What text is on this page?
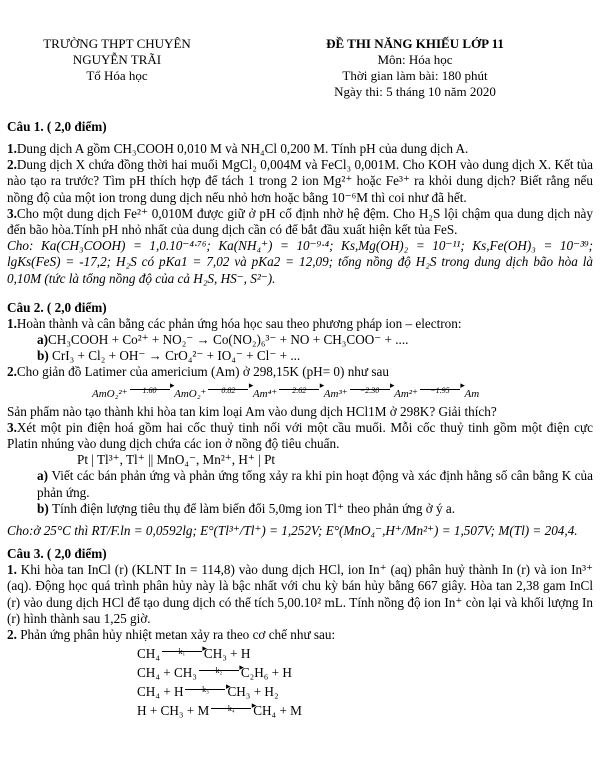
TRƯỜNG THPT CHUYÊN
NGUYỄN TRÃI
Tổ Hóa học
ĐỀ THI NĂNG KHIẾU LỚP 11
Môn: Hóa học
Thời gian làm bài: 180 phút
Ngày thi: 5 tháng 10 năm 2020

Câu 1. ( 2,0 điểm)

1.Dung dịch A gồm CH₃COOH 0,010 M và NH₄Cl 0,200 M. Tính pH của dung dịch A.

2.Dung dịch X chứa đồng thời hai muối MgCl₂ 0,004M và FeCl₃ 0,001M. Cho KOH vào dung dịch X. Kết tủa nào tạo ra trước? Tìm pH thích hợp để tách 1 trong 2 ion Mg²⁺ hoặc Fe³⁺ ra khỏi dung dịch? Biết rằng nếu nồng độ của một ion trong dung dịch nếu nhỏ hơn hoặc bằng 10⁻⁶M thì coi như đã hết.

3.Cho một dung dịch Fe²⁺ 0,010M được giữ ở pH cố định nhờ hệ đệm. Cho H₂S lội chậm qua dung dịch này đến bão hòa.Tính pH nhỏ nhất của dung dịch cần có để bắt đầu xuất hiện kết tủa FeS.

Cho: Ka(CH₃COOH) = 1,0.10⁻⁴·⁷⁶; Ka(NH₄⁺) = 10⁻⁹·⁴; Ks,Mg(OH)₂ = 10⁻¹¹; Ks,Fe(OH)₃ = 10⁻³⁹; lgKs(FeS) = -17,2; H₂S có pKa1 = 7,02 và pKa2 = 12,09; tổng nồng độ H₂S trong dung dịch bão hòa là 0,10M (tức là tổng nồng độ của cả H₂S, HS⁻, S²⁻).

Câu 2. ( 2,0 điểm)

1.Hoàn thành và cân bằng các phản ứng hóa học sau theo phương pháp ion – electron:

a)CH₃COOH + Co²⁺ + NO₂⁻ → Co(NO₂)₆³⁻ + NO + CH₃COO⁻ + ....

b) CrI₃ + Cl₂ + OH⁻ → CrO₄²⁻ + IO₄⁻ + Cl⁻ + ...

2.Cho giản đồ Latimer của americium (Am) ở 298,15K (pH= 0) như sau

AmO₂²⁺ 1.60 ▸ AmO₂⁺ 0.82 ▸ Am⁴⁺ 2.62 ▸ Am³⁺ −2.30 ▸ Am²⁺ −1.95 ▸ Am

Sản phẩm nào tạo thành khi hòa tan kim loại Am vào dung dịch HCl1M ở 298K? Giải thích?

3.Xét một pin điện hoá gồm hai cốc thuỷ tinh nối với một cầu muối. Mỗi cốc thuỷ tinh gồm một điện cực Platin nhúng vào dung dịch chứa các ion ở nồng độ tiêu chuẩn.

Pt | Tl³⁺, Tl⁺ || MnO₄⁻, Mn²⁺, H⁺ | Pt

a) Viết các bán phản ứng và phản ứng tổng xảy ra khi pin hoạt động và xác định hằng số cân bằng K của phản ứng.

b) Tính điện lượng tiêu thụ để làm biến đổi 5,0mg ion Tl⁺ theo phản ứng ở ý a.

Cho:ở 25°C thì RT/F.ln = 0,0592lg; E°(Tl³⁺/Tl⁺) = 1,252V; E°(MnO₄⁻,H⁺/Mn²⁺) = 1,507V; M(Tl) = 204,4.

Câu 3. ( 2,0 điểm)

1. Khi hòa tan InCl (r) (KLNT In = 114,8) vào dung dịch HCl, ion In⁺ (aq) phân huỷ thành In (r) và ion In³⁺ (aq). Động học quá trình phân hủy này là bậc nhất với chu kỳ bán hủy bằng 667 giây. Hòa tan 2,38 gam InCl (r) vào dung dịch HCl để tạo dung dịch có thể tích 5,00.10² mL. Tính nồng độ ion In⁺ còn lại và khối lượng In (r) hình thành sau 1,25 giờ.

2. Phản ứng phân hủy nhiệt metan xảy ra theo cơ chế như sau:

CH₄ k₁ ▸ CH₃ + H

CH₄ + CH₃ k₂ ▸ C₂H₆ + H

CH₄ + H k₃ ▸ CH₃ + H₂

H + CH₃ + M k₄ ▸ CH₄ + M
